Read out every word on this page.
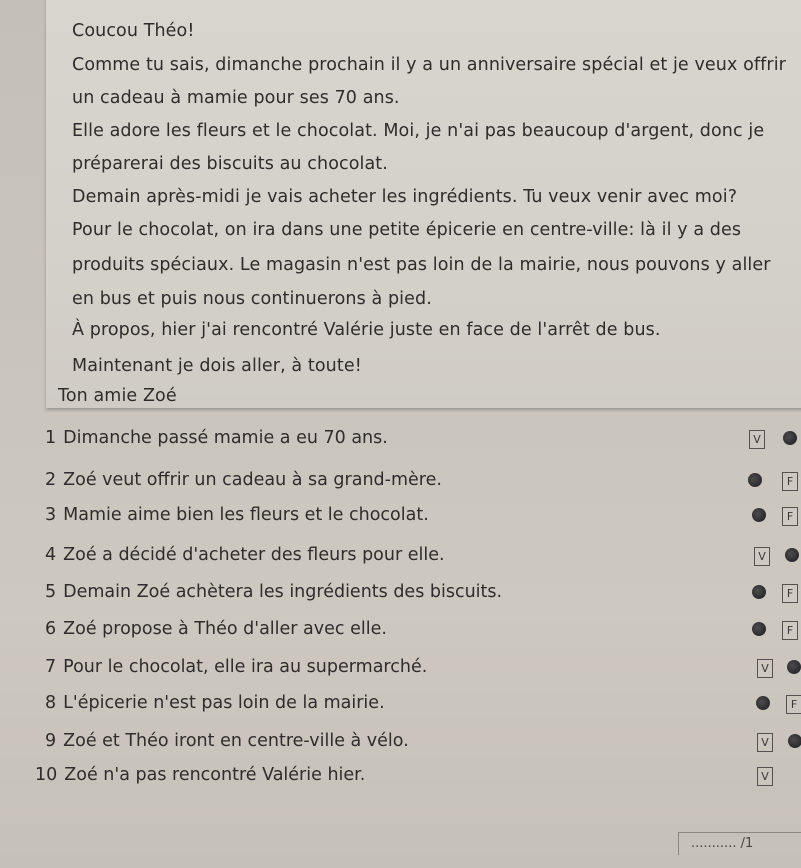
Coucou Théo!
Comme tu sais, dimanche prochain il y a un anniversaire spécial et je veux offrir
un cadeau à mamie pour ses 70 ans.
Elle adore les fleurs et le chocolat. Moi, je n'ai pas beaucoup d'argent, donc je
préparerai des biscuits au chocolat.
Demain après-midi je vais acheter les ingrédients. Tu veux venir avec moi?
Pour le chocolat, on ira dans une petite épicerie en centre-ville: là il y a des
produits spéciaux. Le magasin n'est pas loin de la mairie, nous pouvons y aller
en bus et puis nous continuerons à pied.
À propos, hier j'ai rencontré Valérie juste en face de l'arrêt de bus.
Maintenant je dois aller, à toute!
Ton amie Zoé
1 Dimanche passé mamie a eu 70 ans.	V
2 Zoé veut offrir un cadeau à sa grand-mère.	F
3 Mamie aime bien les fleurs et le chocolat.	F
4 Zoé a décidé d'acheter des fleurs pour elle.	V
5 Demain Zoé achètera les ingrédients des biscuits.	F
6 Zoé propose à Théo d'aller avec elle.	F
7 Pour le chocolat, elle ira au supermarché.	V
8 L'épicerie n'est pas loin de la mairie.	F
9 Zoé et Théo iront en centre-ville à vélo.	V
10 Zoé n'a pas rencontré Valérie hier.	V
........... /1
